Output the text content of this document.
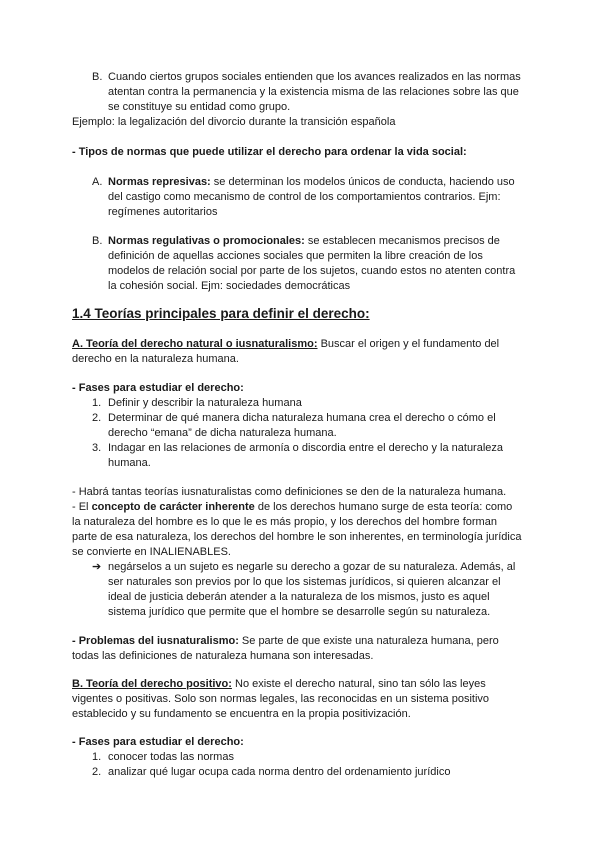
B. Cuando ciertos grupos sociales entienden que los avances realizados en las normas
atentan contra la permanencia y la existencia misma de las relaciones sobre las que
se constituye su entidad como grupo.
Ejemplo: la legalización del divorcio durante la transición española
- Tipos de normas que puede utilizar el derecho para ordenar la vida social:
A. Normas represivas: se determinan los modelos únicos de conducta, haciendo uso
del castigo como mecanismo de control de los comportamientos contrarios. Ejm:
regímenes autoritarios
B. Normas regulativas o promocionales: se establecen mecanismos precisos de
definición de aquellas acciones sociales que permiten la libre creación de los
modelos de relación social por parte de los sujetos, cuando estos no atenten contra
la cohesión social. Ejm: sociedades democráticas
1.4 Teorías principales para definir el derecho:
A. Teoría del derecho natural o iusnaturalismo: Buscar el origen y el fundamento del
derecho en la naturaleza humana.
- Fases para estudiar el derecho:
1. Definir y describir la naturaleza humana
2. Determinar de qué manera dicha naturaleza humana crea el derecho o cómo el
derecho “emana” de dicha naturaleza humana.
3. Indagar en las relaciones de armonía o discordia entre el derecho y la naturaleza
humana.
- Habrá tantas teorías iusnaturalistas como definiciones se den de la naturaleza humana.
- El concepto de carácter inherente de los derechos humano surge de esta teoría: como
la naturaleza del hombre es lo que le es más propio, y los derechos del hombre forman
parte de esa naturaleza, los derechos del hombre le son inherentes, en terminología jurídica
se convierte en INALIENABLES.
➔ negárselos a un sujeto es negarle su derecho a gozar de su naturaleza. Además, al
ser naturales son previos por lo que los sistemas jurídicos, si quieren alcanzar el
ideal de justicia deberán atender a la naturaleza de los mismos, justo es aquel
sistema jurídico que permite que el hombre se desarrolle según su naturaleza.
- Problemas del iusnaturalismo: Se parte de que existe una naturaleza humana, pero
todas las definiciones de naturaleza humana son interesadas.
B. Teoría del derecho positivo: No existe el derecho natural, sino tan sólo las leyes
vigentes o positivas. Solo son normas legales, las reconocidas en un sistema positivo
establecido y su fundamento se encuentra en la propia positivización.
- Fases para estudiar el derecho:
1. conocer todas las normas
2. analizar qué lugar ocupa cada norma dentro del ordenamiento jurídico
